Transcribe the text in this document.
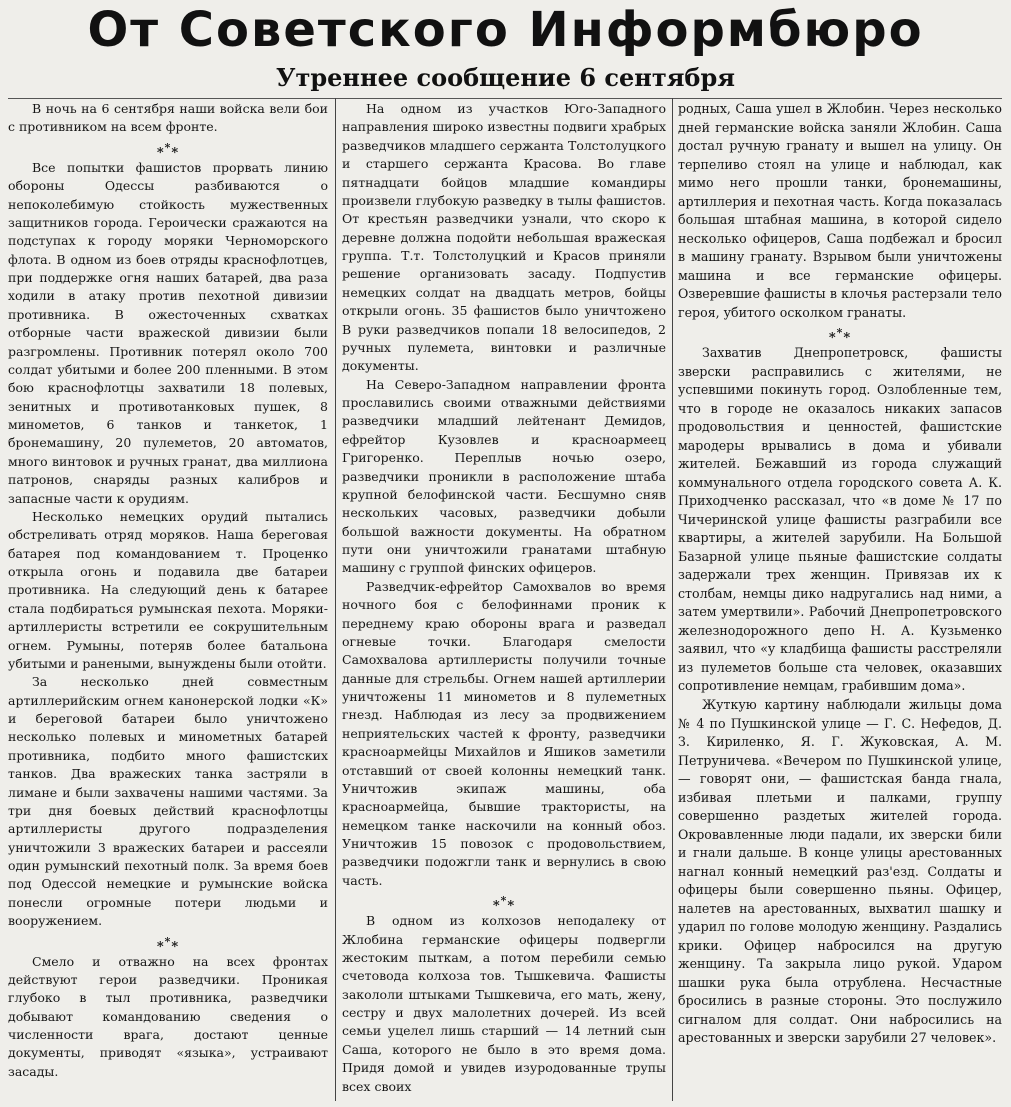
От Советского Информбюро
Утреннее сообщение 6 сентября

В ночь на 6 сентября наши войска вели бои с противником на всем фронте.

***

Все попытки фашистов прорвать линию обороны Одессы разбиваются о непоколебимую стойкость мужественных защитников города. Героически сражаются на подступах к городу моряки Черноморского флота. В одном из боев отряды краснофлотцев, при поддержке огня наших батарей, два раза ходили в атаку против пехотной дивизии противника. В ожесточенных схватках отборные части вражеской дивизии были разгромлены. Противник потерял около 700 солдат убитыми и более 200 пленными. В этом бою краснофлотцы захватили 18 полевых, зенитных и противотанковых пушек, 8 минометов, 6 танков и танкеток, 1 бронемашину, 20 пулеметов, 20 автоматов, много винтовок и ручных гранат, два миллиона патронов, снаряды разных калибров и запасные части к орудиям.

Несколько немецких орудий пытались обстреливать отряд моряков. Наша береговая батарея под командованием т. Проценко открыла огонь и подавила две батареи противника. На следующий день к батарее стала подбираться румынская пехота. Моряки-артиллеристы встретили ее сокрушительным огнем. Румыны, потеряв более батальона убитыми и ранеными, вынуждены были отойти.

За несколько дней совместным артиллерийским огнем канонерской лодки «К» и береговой батареи было уничтожено несколько полевых и минометных батарей противника, подбито много фашистских танков. Два вражеских танка застряли в лимане и были захвачены нашими частями. За три дня боевых действий краснофлотцы артиллеристы другого подразделения уничтожили 3 вражеских батареи и рассеяли один румынский пехотный полк. За время боев под Одессой немецкие и румынские войска понесли огромные потери людьми и вооружением.

***

Смело и отважно на всех фронтах действуют герои разведчики. Проникая глубоко в тыл противника, разведчики добывают командованию сведения о численности врага, достают ценные документы, приводят «языка», устраивают засады.

На одном из участков Юго-Западного направления широко известны подвиги храбрых разведчиков младшего сержанта Толстолуцкого и старшего сержанта Красова. Во главе пятнадцати бойцов младшие командиры произвели глубокую разведку в тылы фашистов. От крестьян разведчики узнали, что скоро к деревне должна подойти небольшая вражеская группа. Т.т. Толстолуцкий и Красов приняли решение организовать засаду. Подпустив немецких солдат на двадцать метров, бойцы открыли огонь. 35 фашистов было уничтожено В руки разведчиков попали 18 велосипедов, 2 ручных пулемета, винтовки и различные документы.

На Северо-Западном направлении фронта прославились своими отважными действиями разведчики младший лейтенант Демидов, ефрейтор Кузовлев и красноармеец Григоренко. Переплыв ночью озеро, разведчики проникли в расположение штаба крупной белофинской части. Бесшумно сняв нескольких часовых, разведчики добыли большой важности документы. На обратном пути они уничтожили гранатами штабную машину с группой финских офицеров.

Разведчик-ефрейтор Самохвалов во время ночного боя с белофиннами проник к переднему краю обороны врага и разведал огневые точки. Благодаря смелости Самохвалова артиллеристы получили точные данные для стрельбы. Огнем нашей артиллерии уничтожены 11 минометов и 8 пулеметных гнезд. Наблюдая из лесу за продвижением неприятельских частей к фронту, разведчики красноармейцы Михайлов и Яшиков заметили отставший от своей колонны немецкий танк. Уничтожив экипаж машины, оба красноармейца, бывшие трактористы, на немецком танке наскочили на конный обоз. Уничтожив 15 повозок с продовольствием, разведчики подожгли танк и вернулись в свою часть.

***

В одном из колхозов неподалеку от Жлобина германские офицеры подвергли жестоким пыткам, а потом перебили семью счетовода колхоза тов. Тышкевича. Фашисты закололи штыками Тышкевича, его мать, жену, сестру и двух малолетних дочерей. Из всей семьи уцелел лишь старший — 14 летний сын Саша, которого не было в это время дома. Придя домой и увидев изуродованные трупы всех своих

родных, Саша ушел в Жлобин. Через несколько дней германские войска заняли Жлобин. Саша достал ручную гранату и вышел на улицу. Он терпеливо стоял на улице и наблюдал, как мимо него прошли танки, бронемашины, артиллерия и пехотная часть. Когда показалась большая штабная машина, в которой сидело несколько офицеров, Саша подбежал и бросил в машину гранату. Взрывом были уничтожены машина и все германские офицеры. Озверевшие фашисты в клочья растерзали тело героя, убитого осколком гранаты.

***

Захватив Днепропетровск, фашисты зверски расправились с жителями, не успевшими покинуть город. Озлобленные тем, что в городе не оказалось никаких запасов продовольствия и ценностей, фашистские мародеры врывались в дома и убивали жителей. Бежавший из города служащий коммунального отдела городского совета А. К. Приходченко рассказал, что «в доме № 17 по Чичеринской улице фашисты разграбили все квартиры, а жителей зарубили. На Большой Базарной улице пьяные фашистские солдаты задержали трех женщин. Привязав их к столбам, немцы дико надругались над ними, а затем умертвили». Рабочий Днепропетровского железнодорожного депо Н. А. Кузьменко заявил, что «у кладбища фашисты расстреляли из пулеметов больше ста человек, оказавших сопротивление немцам, грабившим дома».

Жуткую картину наблюдали жильцы дома № 4 по Пушкинской улице — Г. С. Нефедов, Д. З. Кириленко, Я. Г. Жуковская, А. М. Петруничева. «Вечером по Пушкинской улице, — говорят они, — фашистская банда гнала, избивая плетьми и палками, группу совершенно раздетых жителей города. Окровавленные люди падали, их зверски били и гнали дальше. В конце улицы арестованных нагнал конный немецкий раз'езд. Солдаты и офицеры были совершенно пьяны. Офицер, налетев на арестованных, выхватил шашку и ударил по голове молодую женщину. Раздались крики. Офицер набросился на другую женщину. Та закрыла лицо рукой. Ударом шашки рука была отрублена. Несчастные бросились в разные стороны. Это послужило сигналом для солдат. Они набросились на арестованных и зверски зарубили 27 человек».
